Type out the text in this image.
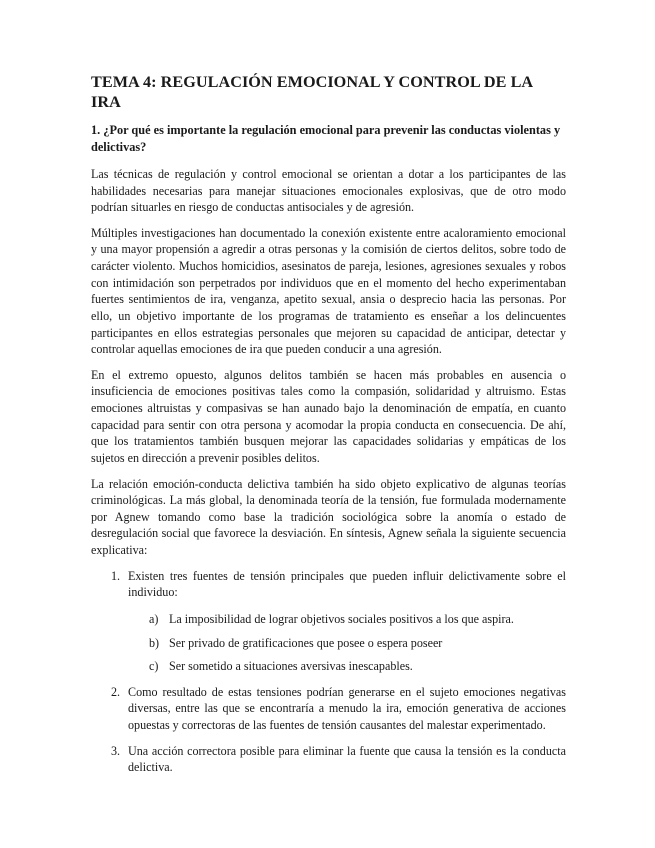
TEMA 4: REGULACIÓN EMOCIONAL Y CONTROL DE LA IRA
1. ¿Por qué es importante la regulación emocional para prevenir las conductas violentas y delictivas?

Las técnicas de regulación y control emocional se orientan a dotar a los participantes de las habilidades necesarias para manejar situaciones emocionales explosivas, que de otro modo podrían situarles en riesgo de conductas antisociales y de agresión.

Múltiples investigaciones han documentado la conexión existente entre acaloramiento emocional y una mayor propensión a agredir a otras personas y la comisión de ciertos delitos, sobre todo de carácter violento. Muchos homicidios, asesinatos de pareja, lesiones, agresiones sexuales y robos con intimidación son perpetrados por individuos que en el momento del hecho experimentaban fuertes sentimientos de ira, venganza, apetito sexual, ansia o desprecio hacia las personas. Por ello, un objetivo importante de los programas de tratamiento es enseñar a los delincuentes participantes en ellos estrategias personales que mejoren su capacidad de anticipar, detectar y controlar aquellas emociones de ira que pueden conducir a una agresión.

En el extremo opuesto, algunos delitos también se hacen más probables en ausencia o insuficiencia de emociones positivas tales como la compasión, solidaridad y altruismo. Estas emociones altruistas y compasivas se han aunado bajo la denominación de empatía, en cuanto capacidad para sentir con otra persona y acomodar la propia conducta en consecuencia. De ahí, que los tratamientos también busquen mejorar las capacidades solidarias y empáticas de los sujetos en dirección a prevenir posibles delitos.

La relación emoción-conducta delictiva también ha sido objeto explicativo de algunas teorías criminológicas. La más global, la denominada teoría de la tensión, fue formulada modernamente por Agnew tomando como base la tradición sociológica sobre la anomía o estado de desregulación social que favorece la desviación. En síntesis, Agnew señala la siguiente secuencia explicativa:

1. Existen tres fuentes de tensión principales que pueden influir delictivamente sobre el individuo:
a) La imposibilidad de lograr objetivos sociales positivos a los que aspira.
b) Ser privado de gratificaciones que posee o espera poseer
c) Ser sometido a situaciones aversivas inescapables.
2. Como resultado de estas tensiones podrían generarse en el sujeto emociones negativas diversas, entre las que se encontraría a menudo la ira, emoción generativa de acciones opuestas y correctoras de las fuentes de tensión causantes del malestar experimentado.
3. Una acción correctora posible para eliminar la fuente que causa la tensión es la conducta delictiva.
